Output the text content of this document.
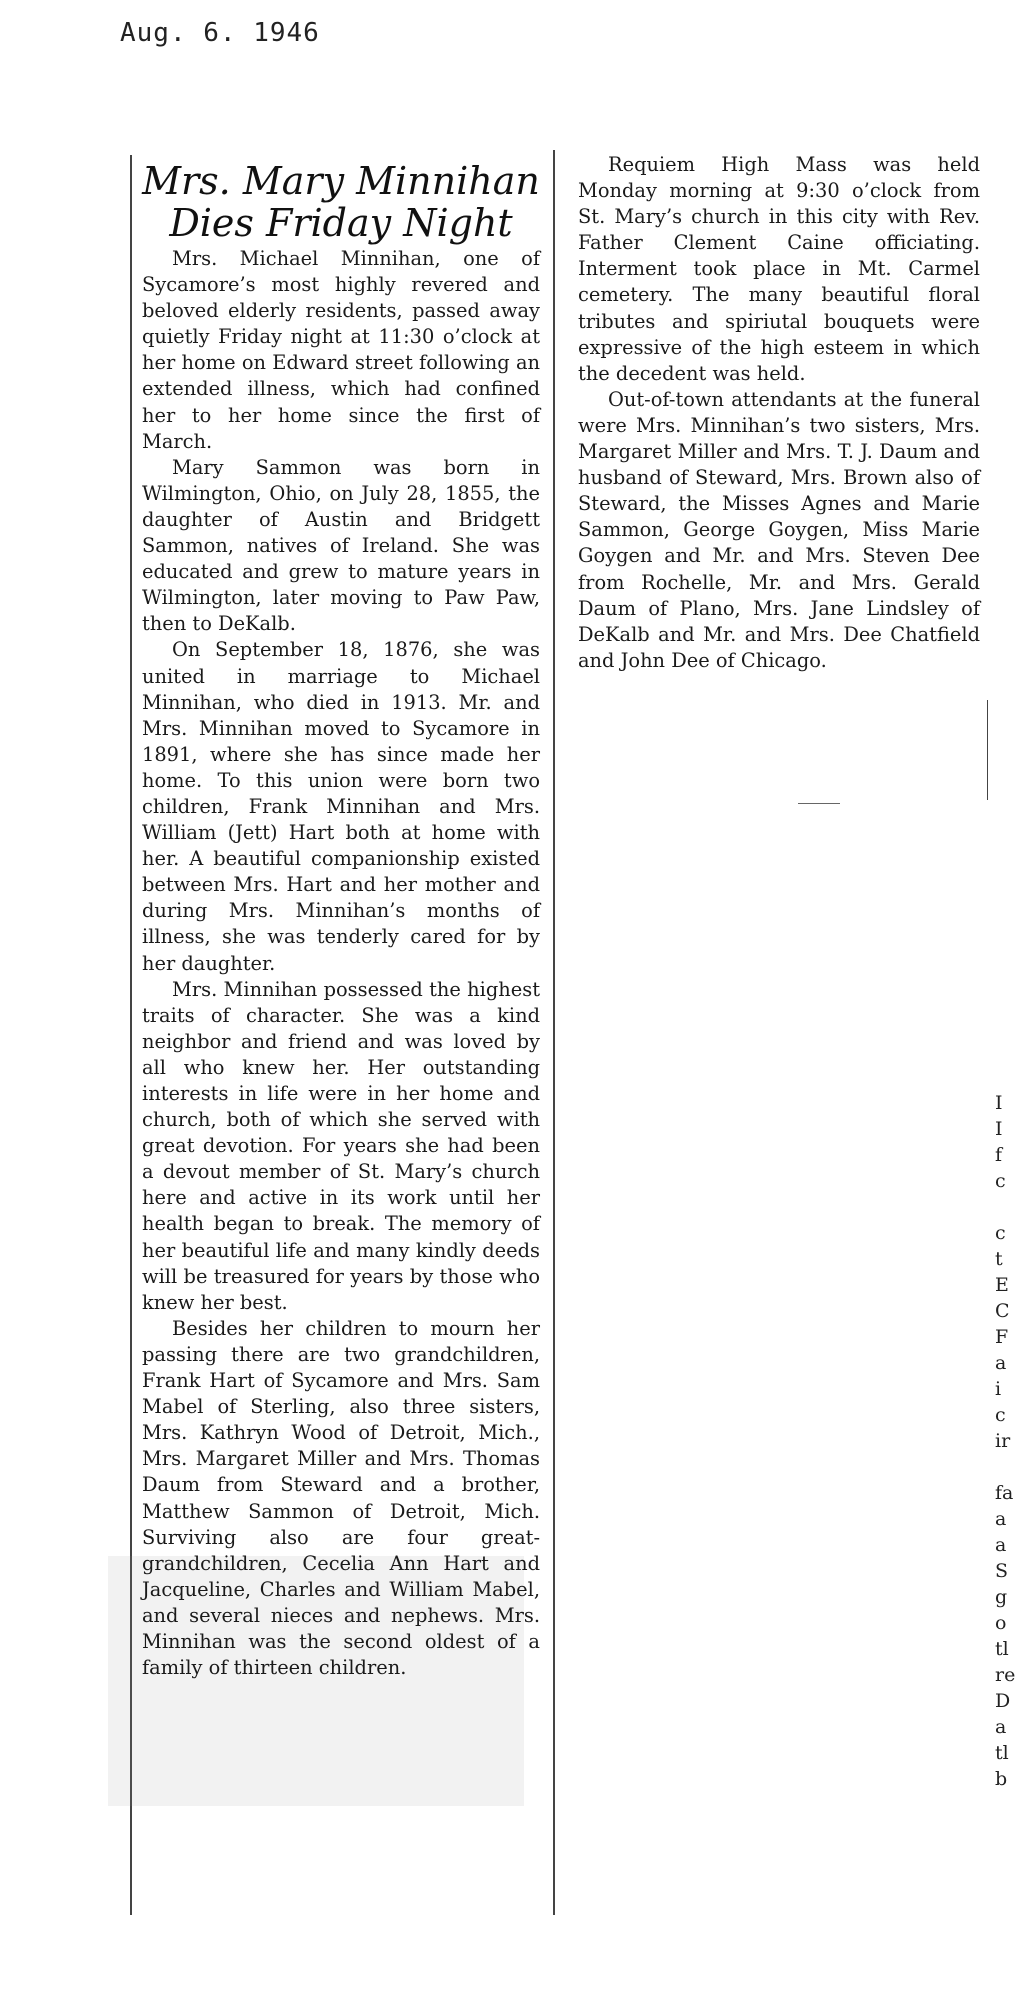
Aug. 6. 1946
Mrs. Mary Minnihan
Dies Friday Night

Mrs. Michael Minnihan, one of Sycamore’s most highly revered and beloved elderly residents, passed away quietly Friday night at 11:30 o’clock at her home on Edward street following an extended illness, which had confined her to her home since the first of March.

Mary Sammon was born in Wilmington, Ohio, on July 28, 1855, the daughter of Austin and Bridgett Sammon, natives of Ireland. She was educated and grew to mature years in Wilmington, later moving to Paw Paw, then to DeKalb.

On September 18, 1876, she was united in marriage to Michael Minnihan, who died in 1913. Mr. and Mrs. Minnihan moved to Sycamore in 1891, where she has since made her home. To this union were born two children, Frank Minnihan and Mrs. William (Jett) Hart both at home with her. A beautiful companionship existed between Mrs. Hart and her mother and during Mrs. Minnihan’s months of illness, she was tenderly cared for by her daughter.

Mrs. Minnihan possessed the highest traits of character. She was a kind neighbor and friend and was loved by all who knew her. Her outstanding interests in life were in her home and church, both of which she served with great devotion. For years she had been a devout member of St. Mary’s church here and active in its work until her health began to break. The memory of her beautiful life and many kindly deeds will be treasured for years by those who knew her best.

Besides her children to mourn her passing there are two grandchildren, Frank Hart of Sycamore and Mrs. Sam Mabel of Sterling, also three sisters, Mrs. Kathryn Wood of Detroit, Mich., Mrs. Margaret Miller and Mrs. Thomas Daum from Steward and a brother, Matthew Sammon of Detroit, Mich. Surviving also are four great-grandchildren, Cecelia Ann Hart and Jacqueline, Charles and William Mabel, and several nieces and nephews. Mrs. Minnihan was the second oldest of a family of thirteen children.

Requiem High Mass was held Monday morning at 9:30 o’clock from St. Mary’s church in this city with Rev. Father Clement Caine officiating. Interment took place in Mt. Carmel cemetery. The many beautiful floral tributes and spiriutal bouquets were expressive of the high esteem in which the decedent was held.

Out-of-town attendants at the funeral were Mrs. Minnihan’s two sisters, Mrs. Margaret Miller and Mrs. T. J. Daum and husband of Steward, Mrs. Brown also of Steward, the Misses Agnes and Marie Sammon, George Goygen, Miss Marie Goygen and Mr. and Mrs. Steven Dee from Rochelle, Mr. and Mrs. Gerald Daum of Plano, Mrs. Jane Lindsley of DeKalb and Mr. and Mrs. Dee Chatfield and John Dee of Chicago.

I
I
f
c
c
t
E
C
F
a
i
c
ir
fa
a
a
S
g
o
tl
re
D
a
tl
b
